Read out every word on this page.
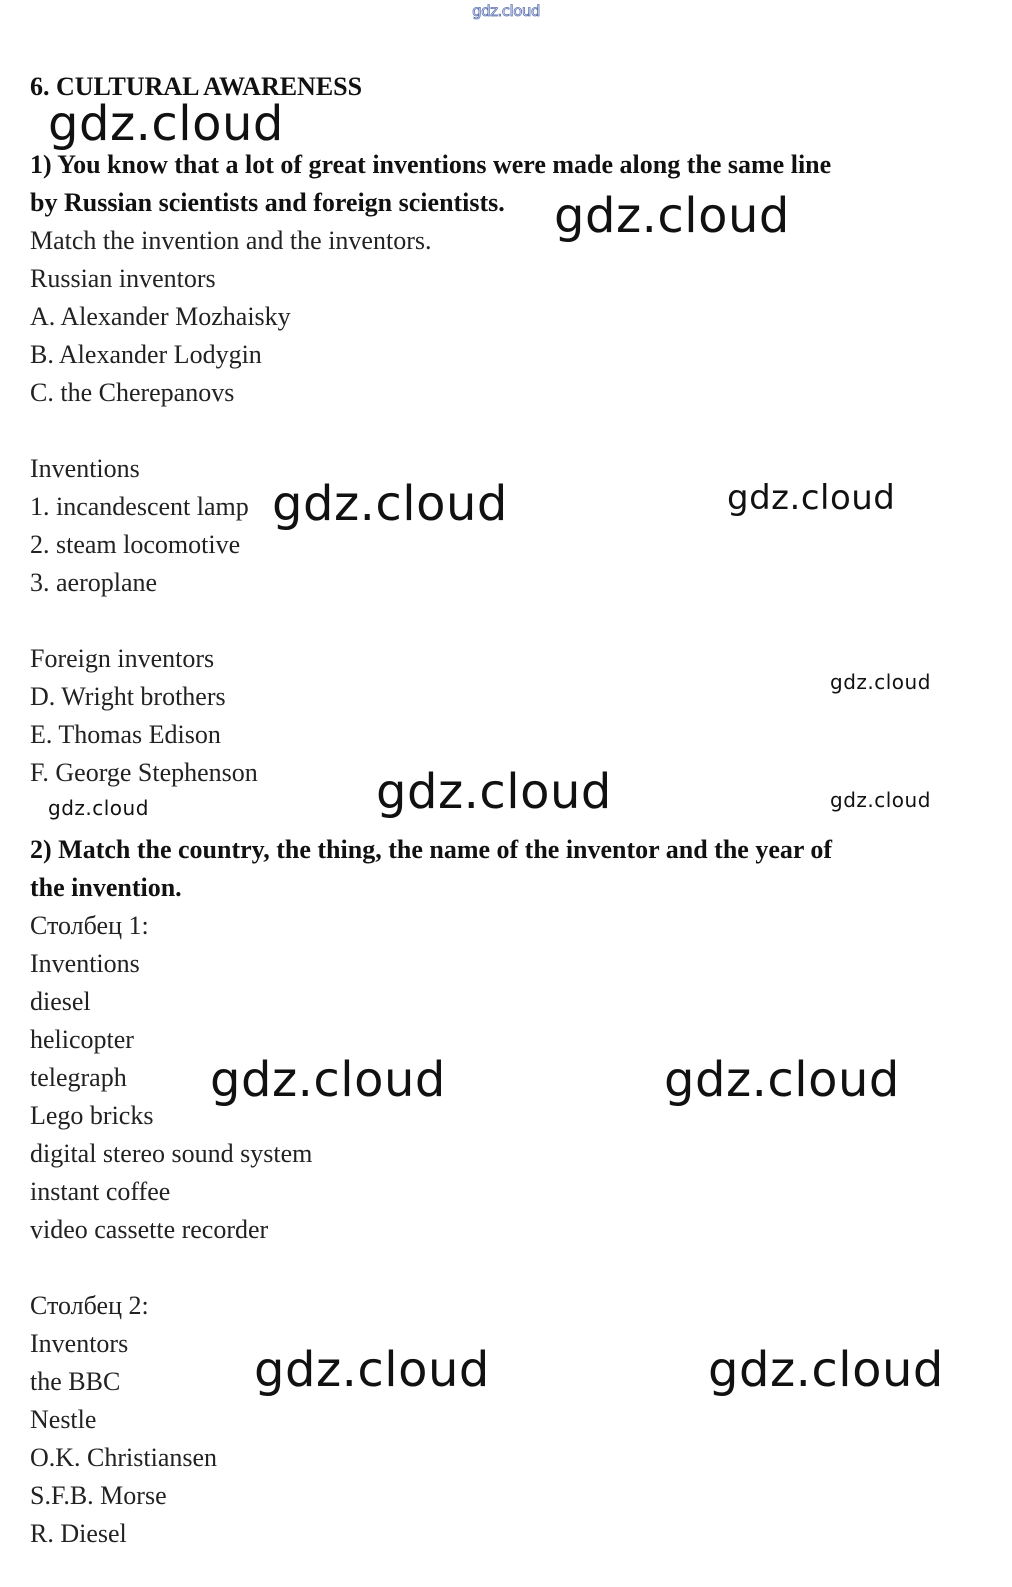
gdz.cloud
6. CULTURAL AWARENESS
1) You know that a lot of great inventions were made along the same line
by Russian scientists and foreign scientists.
Match the invention and the inventors.
Russian inventors
A. Alexander Mozhaisky
B. Alexander Lodygin
C. the Cherepanovs
Inventions
1. incandescent lamp
2. steam locomotive
3. aeroplane
Foreign inventors
D. Wright brothers
E. Thomas Edison
F. George Stephenson
2) Match the country, the thing, the name of the inventor and the year of
the invention.
Столбец 1:
Inventions
diesel
helicopter
telegraph
Lego bricks
digital stereo sound system
instant coffee
video cassette recorder
Столбец 2:
Inventors
the BBC
Nestle
O.K. Christiansen
S.F.B. Morse
R. Diesel
gdz.cloud
gdz.cloud
gdz.cloud	gdz.cloud
gdz.cloud
gdz.cloud
gdz.cloud	gdz.cloud
gdz.cloud	gdz.cloud
gdz.cloud	gdz.cloud
